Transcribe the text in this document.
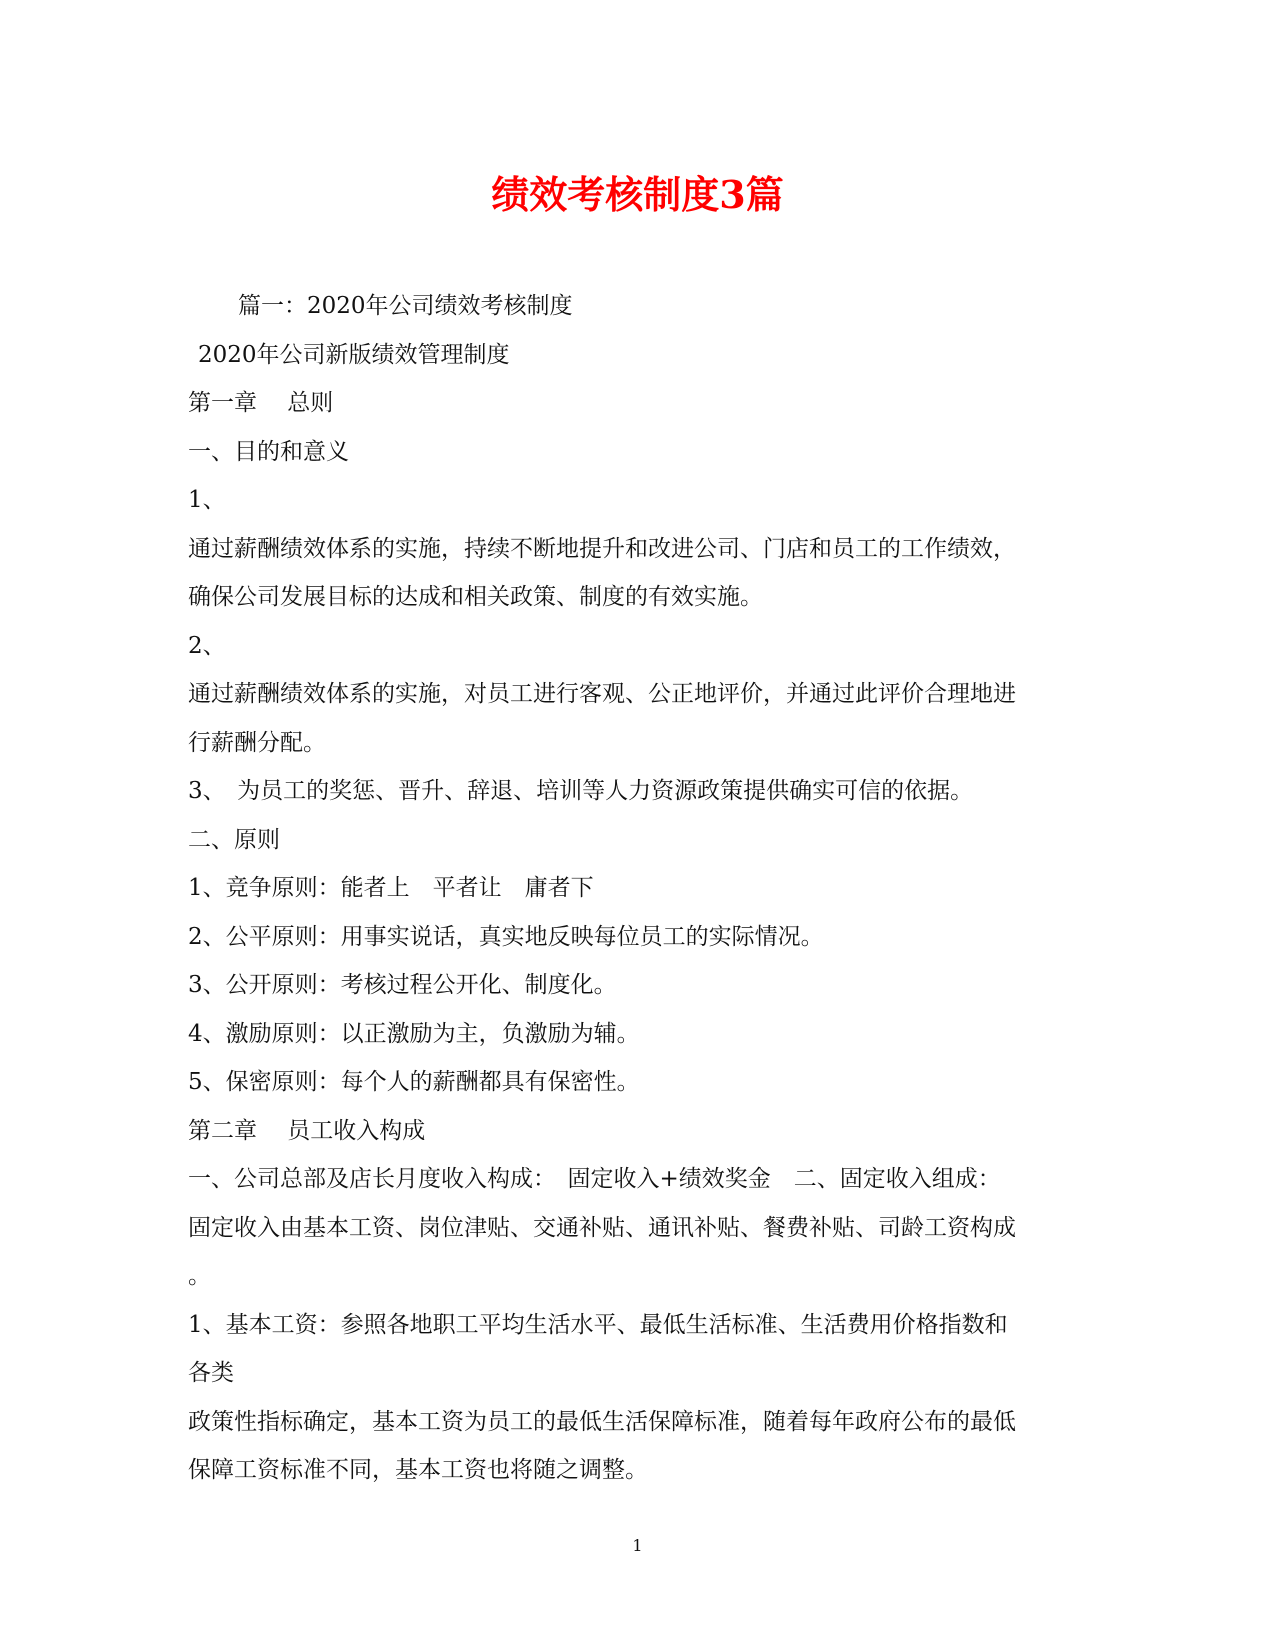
绩效考核制度3篇

篇一：2020年公司绩效考核制度

2020年公司新版绩效管理制度

第一章　 总则

一、目的和意义

1、

通过薪酬绩效体系的实施，持续不断地提升和改进公司、门店和员工的工作绩效，

确保公司发展目标的达成和相关政策、制度的有效实施。

2、

通过薪酬绩效体系的实施，对员工进行客观、公正地评价，并通过此评价合理地进

行薪酬分配。

3、　为员工的奖惩、晋升、辞退、培训等人力资源政策提供确实可信的依据。

二、原则

1、竞争原则：能者上　平者让　庸者下

2、公平原则：用事实说话，真实地反映每位员工的实际情况。

3、公开原则：考核过程公开化、制度化。

4、激励原则：以正激励为主，负激励为辅。

5、保密原则：每个人的薪酬都具有保密性。

第二章　 员工收入构成

一、公司总部及店长月度收入构成：　固定收入+绩效奖金　二、固定收入组成：

固定收入由基本工资、岗位津贴、交通补贴、通讯补贴、餐费补贴、司龄工资构成

。

1、基本工资：参照各地职工平均生活水平、最低生活标准、生活费用价格指数和

各类

政策性指标确定，基本工资为员工的最低生活保障标准，随着每年政府公布的最低

保障工资标准不同，基本工资也将随之调整。

1
